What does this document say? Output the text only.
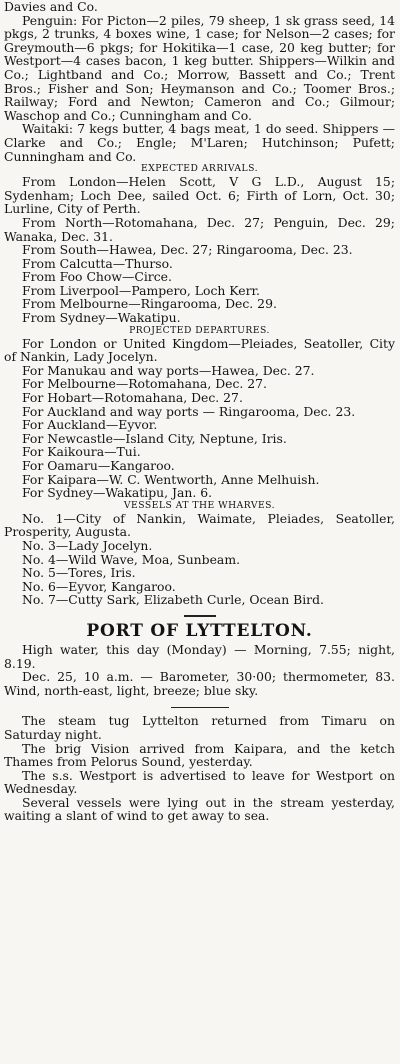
Davies and Co.

Penguin: For Picton—2 piles, 79 sheep, 1 sk grass seed, 14 pkgs, 2 trunks, 4 boxes wine, 1 case; for Nelson—2 cases; for Greymouth—6 pkgs; for Hokitika—1 case, 20 keg butter; for Westport—4 cases bacon, 1 keg butter. Shippers—Wilkin and Co.; Lightband and Co.; Morrow, Bassett and Co.; Trent Bros.; Fisher and Son; Heymanson and Co.; Toomer Bros.; Railway; Ford and Newton; Cameron and Co.; Gilmour; Waschop and Co.; Cunningham and Co.

Waitaki: 7 kegs butter, 4 bags meat, 1 do seed. Shippers — Clarke and Co.; Engle; M'Laren; Hutchinson; Pufett; Cunningham and Co.

EXPECTED ARRIVALS.

From London—Helen Scott, V G L.D., August 15; Sydenham; Loch Dee, sailed Oct. 6; Firth of Lorn, Oct. 30; Lurline, City of Perth.

From North—Rotomahana, Dec. 27; Penguin, Dec. 29; Wanaka, Dec. 31.

From South—Hawea, Dec. 27; Ringarooma, Dec. 23.

From Calcutta—Thurso.

From Foo Chow—Circe.

From Liverpool—Pampero, Loch Kerr.

From Melbourne—Ringarooma, Dec. 29.

From Sydney—Wakatipu.

PROJECTED DEPARTURES.

For London or United Kingdom—Pleiades, Seatoller, City of Nankin, Lady Jocelyn.

For Manukau and way ports—Hawea, Dec. 27.

For Melbourne—Rotomahana, Dec. 27.

For Hobart—Rotomahana, Dec. 27.

For Auckland and way ports — Ringarooma, Dec. 23.

For Auckland—Eyvor.

For Newcastle—Island City, Neptune, Iris.

For Kaikoura—Tui.

For Oamaru—Kangaroo.

For Kaipara—W. C. Wentworth, Anne Melhuish.

For Sydney—Wakatipu, Jan. 6.

VESSELS AT THE WHARVES.

No. 1—City of Nankin, Waimate, Pleiades, Seatoller, Prosperity, Augusta.

No. 3—Lady Jocelyn.

No. 4—Wild Wave, Moa, Sunbeam.

No. 5—Tores, Iris.

No. 6—Eyvor, Kangaroo.

No. 7—Cutty Sark, Elizabeth Curle, Ocean Bird.

PORT OF LYTTELTON.

High water, this day (Monday) — Morning, 7.55; night, 8.19.

Dec. 25, 10 a.m. — Barometer, 30·00; thermometer, 83. Wind, north-east, light, breeze; blue sky.

The steam tug Lyttelton returned from Timaru on Saturday night.

The brig Vision arrived from Kaipara, and the ketch Thames from Pelorus Sound, yesterday.

The s.s. Westport is advertised to leave for Westport on Wednesday.

Several vessels were lying out in the stream yesterday, waiting a slant of wind to get away to sea.
